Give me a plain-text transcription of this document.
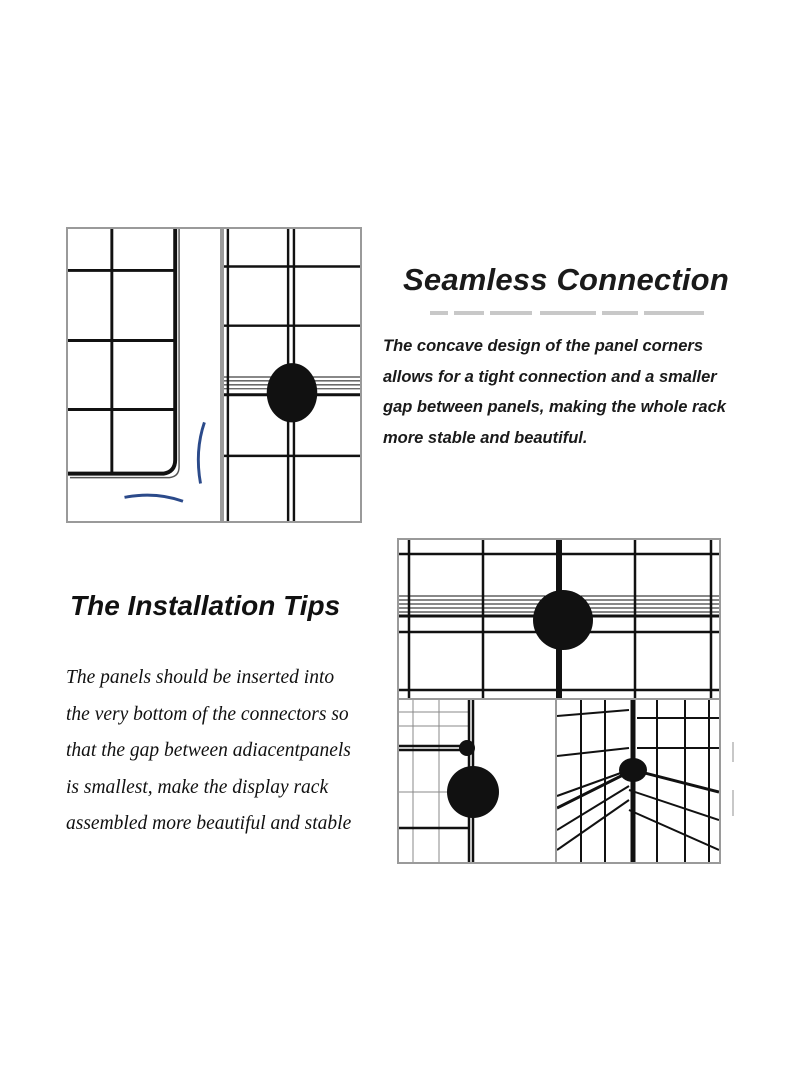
Seamless Connection
The concave design of the panel corners
allows for a tight connection and a smaller
gap between panels, making the whole rack
more stable and beautiful.
The Installation Tips
The panels should be inserted into
the very bottom of the connectors so
that the gap between adiacentpanels
is smallest, make the display rack
assembled more beautiful and stable
